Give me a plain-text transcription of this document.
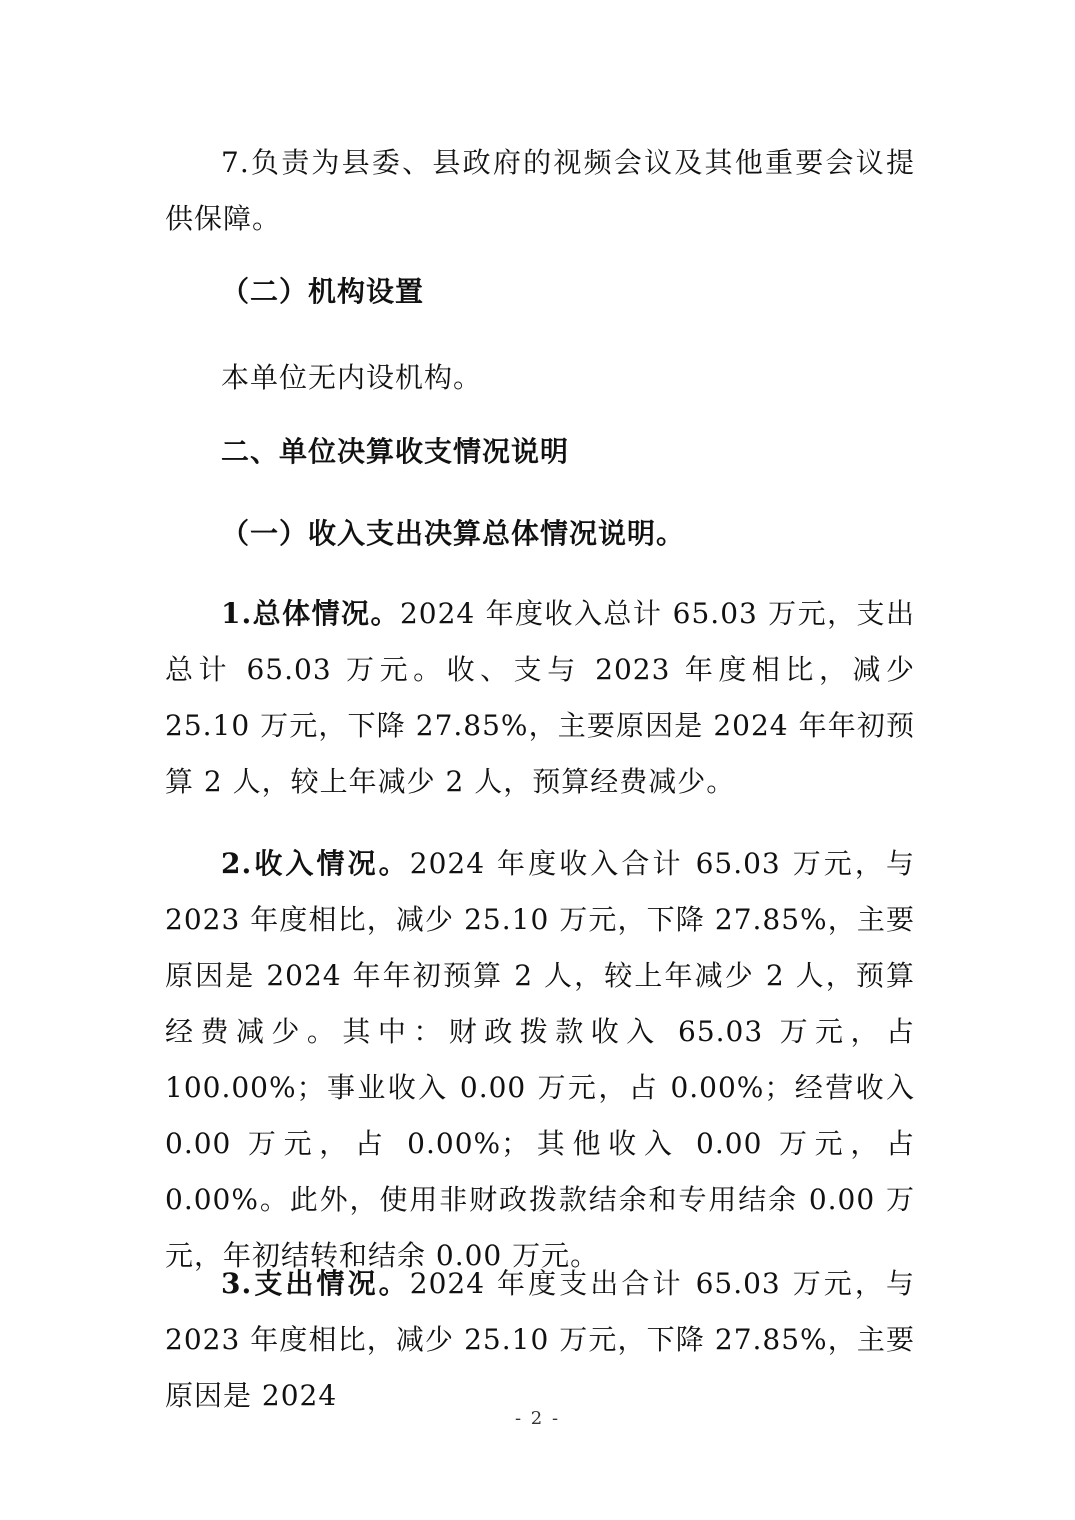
7.负责为县委、县政府的视频会议及其他重要会议提供保障。
（二）机构设置
本单位无内设机构。
二、单位决算收支情况说明
（一）收入支出决算总体情况说明。
1.总体情况。2024 年度收入总计 65.03 万元，支出总计 65.03 万元。收、支与 2023 年度相比，减少 25.10 万元，下降 27.85%，主要原因是 2024 年年初预算 2 人，较上年减少 2 人，预算经费减少。
2.收入情况。2024 年度收入合计 65.03 万元，与 2023 年度相比，减少 25.10 万元，下降 27.85%，主要原因是 2024 年年初预算 2 人，较上年减少 2 人，预算经费减少。其中：财政拨款收入 65.03 万元，占 100.00%；事业收入 0.00 万元，占 0.00%；经营收入 0.00 万元，占 0.00%；其他收入 0.00 万元，占 0.00%。此外，使用非财政拨款结余和专用结余 0.00 万元，年初结转和结余 0.00 万元。
3.支出情况。2024 年度支出合计 65.03 万元，与 2023 年度相比，减少 25.10 万元，下降 27.85%，主要原因是 2024
- 2 -
